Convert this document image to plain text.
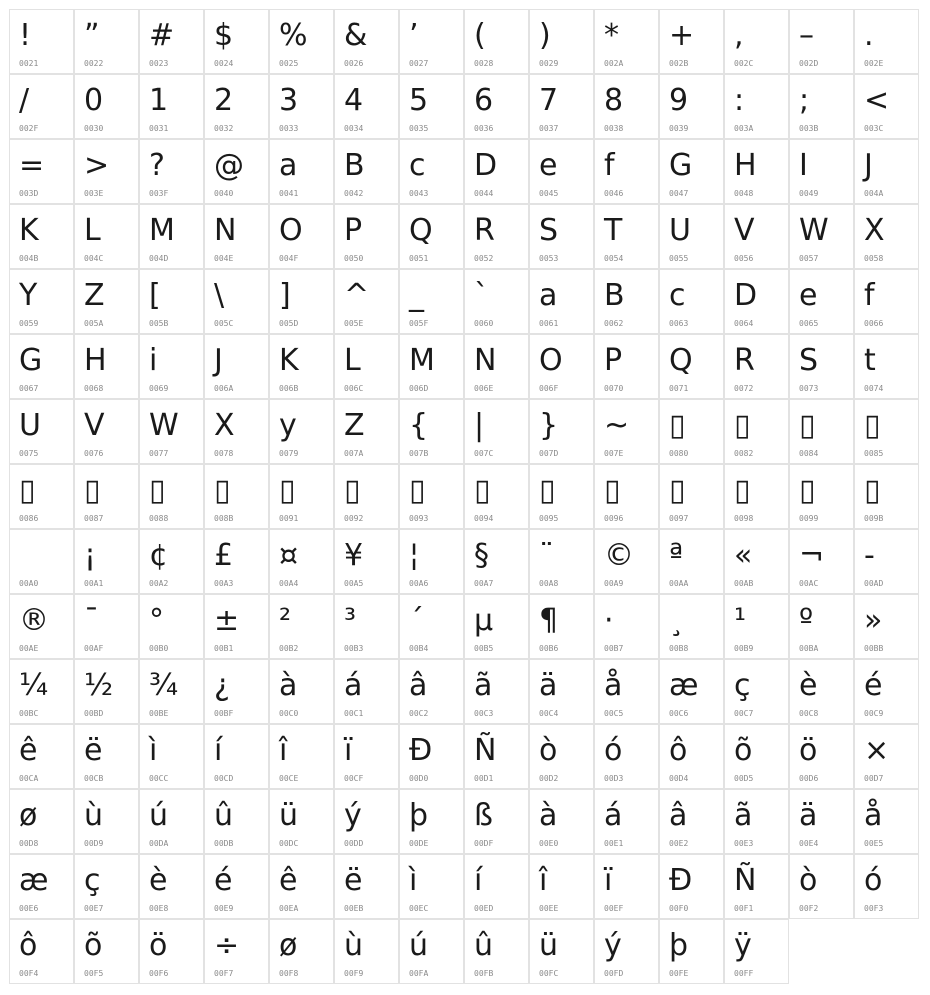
!
0021
”
0022
#
0023
$
0024
%
0025
&
0026
’
0027
(
0028
)
0029
*
002A
+
002B
,
002C
–
002D
.
002E
/
002F
0
0030
1
0031
2
0032
3
0033
4
0034
5
0035
6
0036
7
0037
8
0038
9
0039
:
003A
;
003B
<
003C
=
003D
>
003E
?
003F
@
0040
a
0041
B
0042
c
0043
D
0044
e
0045
f
0046
G
0047
H
0048
I
0049
J
004A
K
004B
L
004C
M
004D
N
004E
O
004F
P
0050
Q
0051
R
0052
S
0053
T
0054
U
0055
V
0056
W
0057
X
0058
Y
0059
Z
005A
[
005B
\
005C
]
005D
^
005E
_
005F
`
0060
a
0061
B
0062
c
0063
D
0064
e
0065
f
0066
G
0067
H
0068
i
0069
J
006A
K
006B
L
006C
M
006D
N
006E
O
006F
P
0070
Q
0071
R
0072
S
0073
t
0074
U
0075
V
0076
W
0077
X
0078
y
0079
Z
007A
{
007B
|
007C
}
007D
~
007E
▯
0080
▯
0082
▯
0084
▯
0085
▯
0086
▯
0087
▯
0088
▯
008B
▯
0091
▯
0092
▯
0093
▯
0094
▯
0095
▯
0096
▯
0097
▯
0098
▯
0099
▯
009B
00A0
¡
00A1
¢
00A2
£
00A3
¤
00A4
¥
00A5
¦
00A6
§
00A7
¨
00A8
©
00A9
ª
00AA
«
00AB
¬
00AC
-
00AD
®
00AE
¯
00AF
°
00B0
±
00B1
²
00B2
³
00B3
´
00B4
µ
00B5
¶
00B6
·
00B7
¸
00B8
¹
00B9
º
00BA
»
00BB
¼
00BC
½
00BD
¾
00BE
¿
00BF
à
00C0
á
00C1
â
00C2
ã
00C3
ä
00C4
å
00C5
æ
00C6
ç
00C7
è
00C8
é
00C9
ê
00CA
ë
00CB
ì
00CC
í
00CD
î
00CE
ï
00CF
Ð
00D0
Ñ
00D1
ò
00D2
ó
00D3
ô
00D4
õ
00D5
ö
00D6
×
00D7
ø
00D8
ù
00D9
ú
00DA
û
00DB
ü
00DC
ý
00DD
þ
00DE
ß
00DF
à
00E0
á
00E1
â
00E2
ã
00E3
ä
00E4
å
00E5
æ
00E6
ç
00E7
è
00E8
é
00E9
ê
00EA
ë
00EB
ì
00EC
í
00ED
î
00EE
ï
00EF
Ð
00F0
Ñ
00F1
ò
00F2
ó
00F3
ô
00F4
õ
00F5
ö
00F6
÷
00F7
ø
00F8
ù
00F9
ú
00FA
û
00FB
ü
00FC
ý
00FD
þ
00FE
ÿ
00FF
